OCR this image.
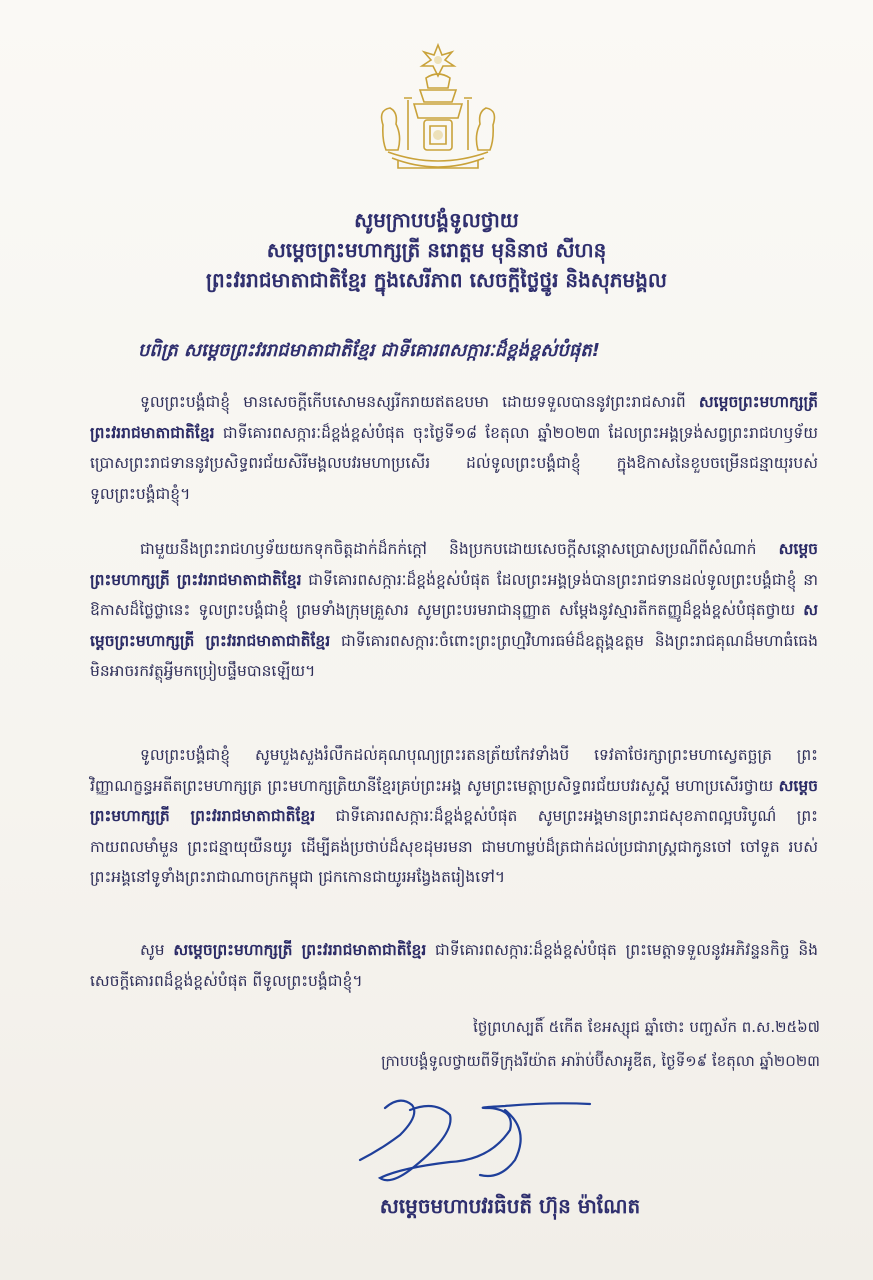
សូមក្រាបបង្គំទូលថ្វាយ
សម្តេចព្រះមហាក្សត្រី នរោត្តម មុនិនាថ សីហនុ
ព្រះវររាជមាតាជាតិខ្មែរ ក្នុងសេរីភាព សេចក្តីថ្លៃថ្នូរ និងសុភមង្គល
បពិត្រ សម្តេចព្រះវររាជមាតាជាតិខ្មែរ ជាទីគោរពសក្ការៈដ៏ខ្ពង់ខ្ពស់បំផុត!
ទូលព្រះបង្គំជាខ្ញុំ មានសេចក្តីកើបសោមនស្សរីករាយឥតឧបមា ដោយទទួលបាននូវព្រះរាជសារពី សម្តេចព្រះមហាក្សត្រី ព្រះវររាជមាតាជាតិខ្មែរ ជាទីគោរពសក្ការៈដ៏ខ្ពង់ខ្ពស់បំផុត ចុះថ្ងៃទី១៨ ខែតុលា ឆ្នាំ២០២៣ ដែលព្រះអង្គទ្រង់សព្វព្រះរាជហឫទ័យ ប្រោសព្រះរាជទាននូវប្រសិទ្ធពរជ័យសិរីមង្គលបវរមហាប្រសើរ ដល់ទូលព្រះបង្គំជាខ្ញុំ ក្នុងឱកាសនៃខួបចម្រើនជន្មាយុរបស់ទូលព្រះបង្គំជាខ្ញុំ។
ជាមួយនឹងព្រះរាជហឫទ័យយកទុកចិត្តដាក់ដ៏កក់ក្តៅ និងប្រកបដោយសេចក្តីសន្តោសប្រោសប្រណីពីសំណាក់ សម្តេចព្រះមហាក្សត្រី ព្រះវររាជមាតាជាតិខ្មែរ ជាទីគោរពសក្ការៈដ៏ខ្ពង់ខ្ពស់បំផុត ដែលព្រះអង្គទ្រង់បានព្រះរាជទានដល់ទូលព្រះបង្គំជាខ្ញុំ នាឱកាសដ៏ថ្លៃថ្លានេះ ទូលព្រះបង្គំជាខ្ញុំ ព្រមទាំងក្រុមគ្រួសារ សូមព្រះបរមរាជានុញ្ញាត សម្តែងនូវស្មារតីកតញ្ញូដ៏ខ្ពង់ខ្ពស់បំផុតថ្វាយ សម្តេចព្រះមហាក្សត្រី ព្រះវររាជមាតាជាតិខ្មែរ ជាទីគោរពសក្ការៈចំពោះព្រះព្រហ្មវិហារធម៌ដ៏ឧត្តុង្គឧត្តម និងព្រះរាជគុណដ៏មហាធំធេង មិនអាចរកវត្ថុអ្វីមកប្រៀបផ្ទឹមបានឡើយ។
ទូលព្រះបង្គំជាខ្ញុំ សូមបួងសួងរំលឹកដល់គុណបុណ្យព្រះរតនត្រ័យកែវទាំងបី ទេវតាថែរក្សាព្រះមហាស្វេតច្ឆត្រ ព្រះវិញ្ញាណក្ខន្ធអតីតព្រះមហាក្សត្រ ព្រះមហាក្សត្រិយានីខ្មែរគ្រប់ព្រះអង្គ សូមព្រះមេត្តាប្រសិទ្ធពរជ័យបវរសួស្តី មហាប្រសើរថ្វាយ សម្តេចព្រះមហាក្សត្រី ព្រះវររាជមាតាជាតិខ្មែរ ជាទីគោរពសក្ការៈដ៏ខ្ពង់ខ្ពស់បំផុត សូមព្រះអង្គមានព្រះរាជសុខភាពល្អបរិបូណ៌ ព្រះកាយពលមាំមួន ព្រះជន្មាយុយឺនយូរ ដើម្បីគង់ប្រថាប់ដ៏សុខដុមរមនា ជាមហាម្លប់ដ៏ត្រជាក់ដល់ប្រជារាស្ត្រជាកូនចៅ ចៅទួត របស់ព្រះអង្គនៅទូទាំងព្រះរាជាណាចក្រកម្ពុជា ជ្រកកោនជាយូរអង្វែងតរៀងទៅ។
សូម សម្តេចព្រះមហាក្សត្រី ព្រះវររាជមាតាជាតិខ្មែរ ជាទីគោរពសក្ការៈដ៏ខ្ពង់ខ្ពស់បំផុត ព្រះមេត្តាទទួលនូវអភិវន្ទនកិច្ច និងសេចក្តីគោរពដ៏ខ្ពង់ខ្ពស់បំផុត ពីទូលព្រះបង្គំជាខ្ញុំ។
ថ្ងៃព្រហស្បតិ៍ ៥កើត ខែអស្សុជ ឆ្នាំថោះ បញ្ចស័ក ព.ស.២៥៦៧
ក្រាបបង្គំទូលថ្វាយពីទីក្រុងរីយ៉ាត អារ៉ាប់ប៊ីសាអូឌីត, ថ្ងៃទី១៩ ខែតុលា ឆ្នាំ២០២៣
សម្តេចមហាបវរធិបតី ហ៊ុន ម៉ាណែត
